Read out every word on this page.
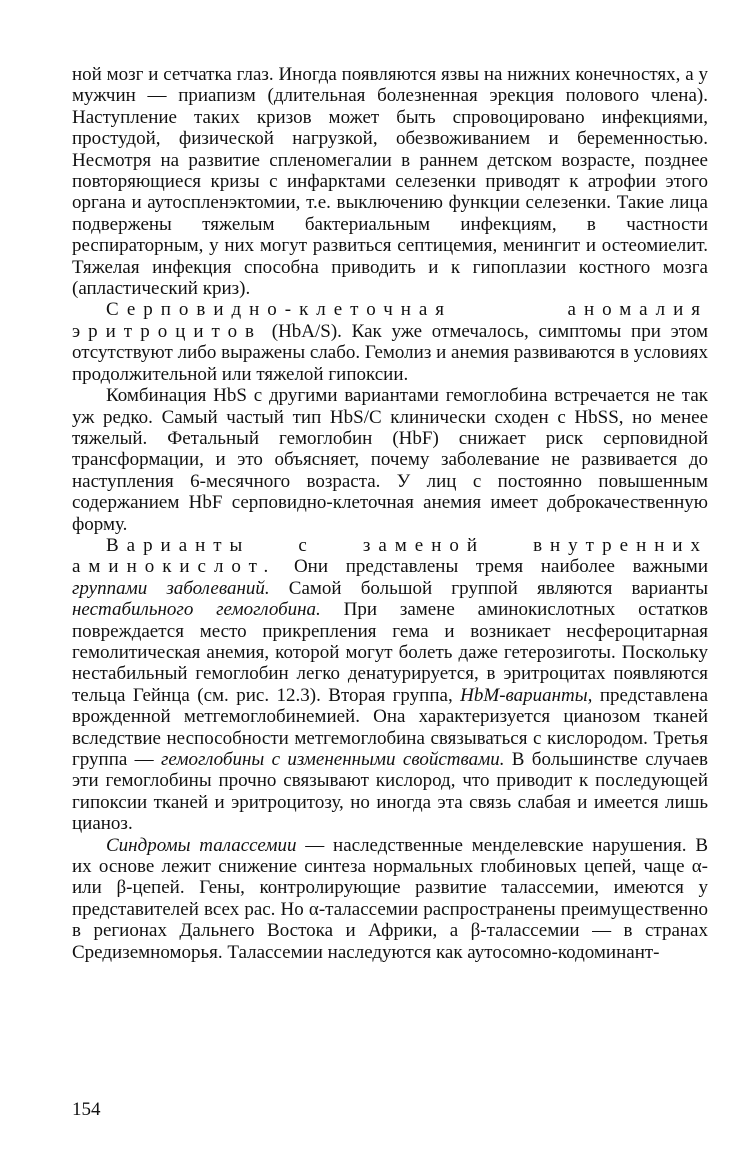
ной мозг и сетчатка глаз. Иногда появляются язвы на нижних конечностях, а у мужчин — приапизм (длительная болезненная эрекция полового члена). Наступление таких кризов может быть спровоцировано инфекциями, простудой, физической нагрузкой, обезвоживанием и беременностью. Несмотря на развитие спленомегалии в раннем детском возрасте, позднее повторяющиеся кризы с инфарктами селезенки приводят к атрофии этого органа и аутоспленэктомии, т.е. выключению функции селезенки. Такие лица подвержены тяжелым бактериальным инфекциям, в частности респираторным, у них могут развиться септицемия, менингит и остеомиелит. Тяжелая инфекция способна приводить и к гипоплазии костного мозга (апластический криз).

Серповидно-клеточная аномалия эритроцитов (HbA/S). Как уже отмечалось, симптомы при этом отсутствуют либо выражены слабо. Гемолиз и анемия развиваются в условиях продолжительной или тяжелой гипоксии.

Комбинация HbS с другими вариантами гемоглобина встречается не так уж редко. Самый частый тип HbS/C клинически сходен с HbSS, но менее тяжелый. Фетальный гемоглобин (HbF) снижает риск серповидной трансформации, и это объясняет, почему заболевание не развивается до наступления 6-месячного возраста. У лиц с постоянно повышенным содержанием HbF серповидно-клеточная анемия имеет доброкачественную форму.

Варианты с заменой внутренних аминокислот. Они представлены тремя наиболее важными группами заболеваний. Самой большой группой являются варианты нестабильного гемоглобина. При замене аминокислотных остатков повреждается место прикрепления гема и возникает несфероцитарная гемолитическая анемия, которой могут болеть даже гетерозиготы. Поскольку нестабильный гемоглобин легко денатурируется, в эритроцитах появляются тельца Гейнца (см. рис. 12.3). Вторая группа, HbM-варианты, представлена врожденной метгемоглобинемией. Она характеризуется цианозом тканей вследствие неспособности метгемоглобина связываться с кислородом. Третья группа — гемоглобины с измененными свойствами. В большинстве случаев эти гемоглобины прочно связывают кислород, что приводит к последующей гипоксии тканей и эритроцитозу, но иногда эта связь слабая и имеется лишь цианоз.

Синдромы талассемии — наследственные менделевские нарушения. В их основе лежит снижение синтеза нормальных глобиновых цепей, чаще α- или β-цепей. Гены, контролирующие развитие талассемии, имеются у представителей всех рас. Но α-талассемии распространены преимущественно в регионах Дальнего Востока и Африки, а β-талассемии — в странах Средиземноморья. Талассемии наследуются как аутосомно-кодоминант-

154
